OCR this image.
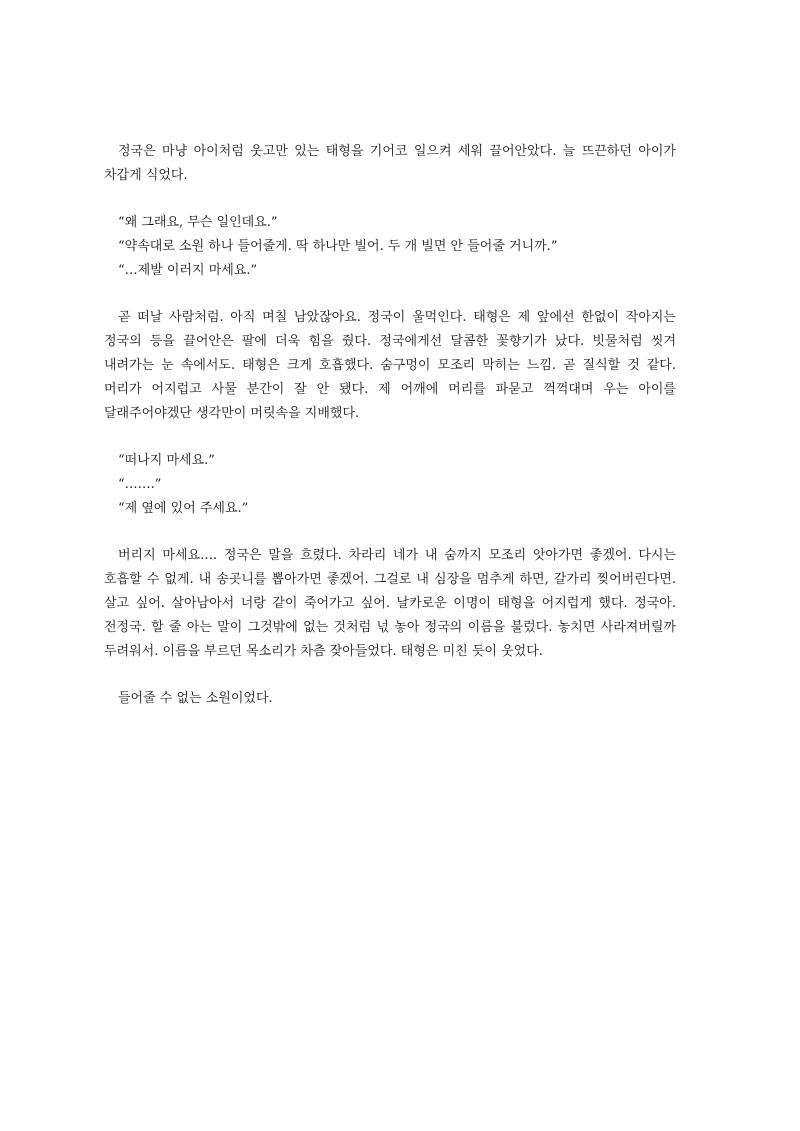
정국은 마냥 아이처럼 웃고만 있는 태형을 기어코 일으켜 세워 끌어안았다. 늘 뜨끈하던 아이가 차갑게 식었다.

“왜 그래요, 무슨 일인데요.”

“약속대로 소원 하나 들어줄게. 딱 하나만 빌어. 두 개 빌면 안 들어줄 거니까.”

“…제발 이러지 마세요.”

곧 떠날 사람처럼. 아직 며칠 남았잖아요. 정국이 울먹인다. 태형은 제 앞에선 한없이 작아지는 정국의 등을 끌어안은 팔에 더욱 힘을 줬다. 정국에게선 달콤한 꽃향기가 났다. 빗물처럼 씻겨 내려가는 눈 속에서도. 태형은 크게 호흡했다. 숨구멍이 모조리 막히는 느낌. 곧 질식할 것 같다. 머리가 어지럽고 사물 분간이 잘 안 됐다. 제 어깨에 머리를 파묻고 꺽꺽대며 우는 아이를 달래주어야겠단 생각만이 머릿속을 지배했다.

“떠나지 마세요.”

“…….”

“제 옆에 있어 주세요.”

버리지 마세요…. 정국은 말을 흐렸다. 차라리 네가 내 숨까지 모조리 앗아가면 좋겠어. 다시는 호흡할 수 없게. 내 송곳니를 뽑아가면 좋겠어. 그걸로 내 심장을 멈추게 하면, 갈가리 찢어버린다면. 살고 싶어. 살아남아서 너랑 같이 죽어가고 싶어. 날카로운 이명이 태형을 어지럽게 했다. 정국아. 전정국. 할 줄 아는 말이 그것밖에 없는 것처럼 넋 놓아 정국의 이름을 불렀다. 놓치면 사라져버릴까 두려워서. 이름을 부르던 목소리가 차츰 잦아들었다. 태형은 미친 듯이 웃었다.

들어줄 수 없는 소원이었다.
